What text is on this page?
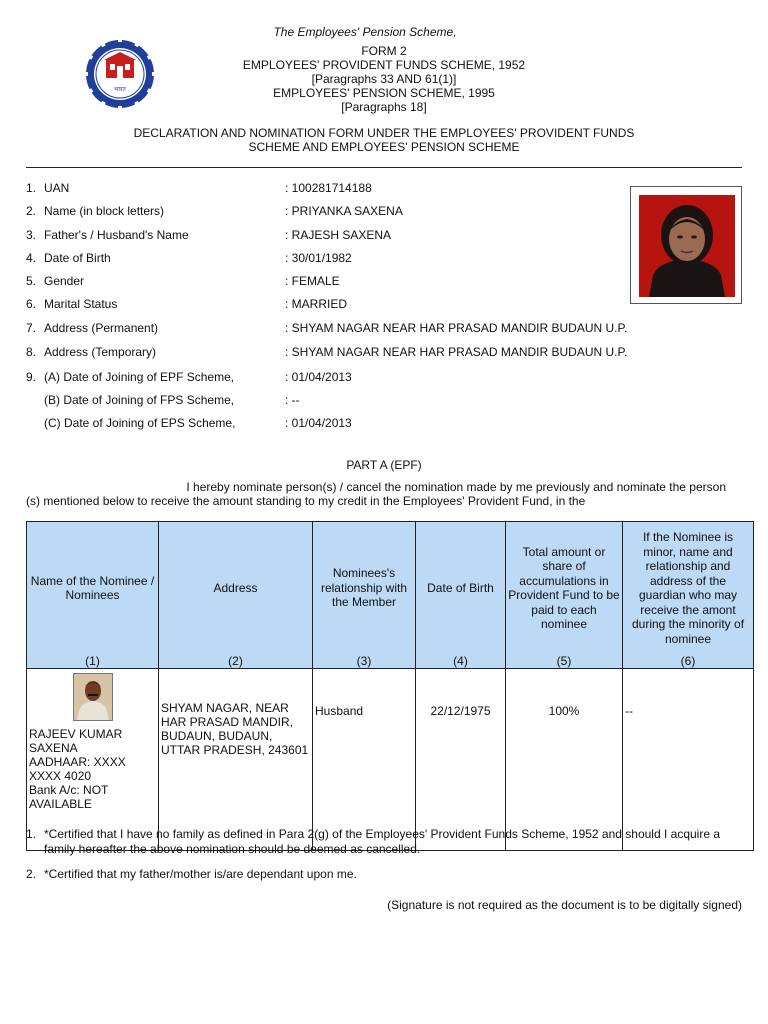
भारत
The Employees' Pension Scheme,
FORM 2
EMPLOYEES' PROVIDENT FUNDS SCHEME, 1952
[Paragraphs 33 AND 61(1)]
EMPLOYEES' PENSION SCHEME, 1995
[Paragraphs 18]
DECLARATION AND NOMINATION FORM UNDER THE EMPLOYEES' PROVIDENT FUNDS
SCHEME AND EMPLOYEES' PENSION SCHEME
1. UAN	: 100281714188
2. Name (in block letters)	: PRIYANKA SAXENA
3. Father's / Husband's Name	: RAJESH SAXENA
4. Date of Birth	: 30/01/1982
5. Gender	: FEMALE
6. Marital Status	: MARRIED
7. Address (Permanent)	: SHYAM NAGAR NEAR HAR PRASAD MANDIR BUDAUN U.P.
8. Address (Temporary)	: SHYAM NAGAR NEAR HAR PRASAD MANDIR BUDAUN U.P.
9. (A) Date of Joining of EPF Scheme,	: 01/04/2013
(B) Date of Joining of FPS Scheme,	: --
(C) Date of Joining of EPS Scheme,	: 01/04/2013
PART A (EPF)
I hereby nominate person(s) / cancel the nomination made by me previously and nominate the person
(s) mentioned below to receive the amount standing to my credit in the Employees' Provident Fund, in the
Name of the Nominee / Nominees	Address	Nominees's relationship with the Member	Date of Birth	Total amount or share of accumulations in Provident Fund to be paid to each nominee	If the Nominee is minor, name and relationship and address of the guardian who may receive the amont during the minority of nominee
(1)	(2)	(3)	(4)	(5)	(6)

RAJEEV KUMAR SAXENA
AADHAAR: XXXX XXXX 4020
Bank A/c: NOT AVAILABLE	SHYAM NAGAR, NEAR HAR PRASAD MANDIR, BUDAUN, BUDAUN, UTTAR PRADESH, 243601	Husband	22/12/1975	100%	--
1. *Certified that I have no family as defined in Para 2(g) of the Employees' Provident Funds Scheme, 1952 and should I acquire a family hereafter the above nomination should be deemed as cancelled.
2. *Certified that my father/mother is/are dependant upon me.
(Signature is not required as the document is to be digitally signed)
